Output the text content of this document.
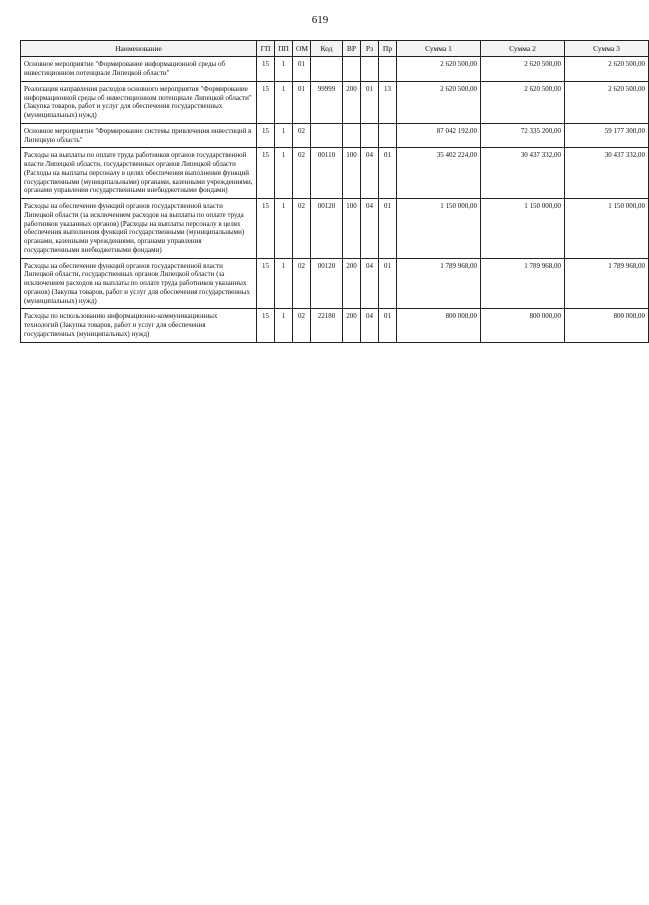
619
Наименование	ГП	ПП	ОМ	Код	ВР	Рз	Пр	Сумма 1	Сумма 2	Сумма 3
Основное мероприятие "Формирование информационной среды об инвестиционном потенциале Липецкой области"	15	1	01					2 620 500,00	2 620 500,00	2 620 500,00
Реализация направления расходов основного мероприятия "Формирование информационной среды об инвестиционном потенциале Липецкой области" (Закупка товаров, работ и услуг для обеспечения государственных (муниципальных) нужд)	15	1	01	99999	200	01	13	2 620 500,00	2 620 500,00	2 620 500,00
Основное мероприятие "Формирование системы привлечения инвестиций в Липецкую область"	15	1	02					87 042 192,00	72 335 200,00	59 177 300,00
Расходы на выплаты по оплате труда работников органов государственной власти Липецкой области, государственных органов Липецкой области (Расходы на выплаты персоналу в целях обеспечения выполнения функций государственными (муниципальными) органами, казенными учреждениями, органами управления государственными внебюджетными фондами)	15	1	02	00110	100	04	01	35 402 224,00	30 437 332,00	30 437 332,00
Расходы на обеспечение функций органов государственной власти Липецкой области (за исключением расходов на выплаты по оплате труда работников указанных органов) (Расходы на выплаты персоналу в целях обеспечения выполнения функций государственными (муниципальными) органами, казенными учреждениями, органами управления государственными внебюджетными фондами)	15	1	02	00120	100	04	01	1 150 000,00	1 150 000,00	1 150 000,00
Расходы на обеспечение функций органов государственной власти Липецкой области, государственных органов Липецкой области (за исключением расходов на выплаты по оплате труда работников указанных органов) (Закупка товаров, работ и услуг для обеспечения государственных (муниципальных) нужд)	15	1	02	00120	200	04	01	1 789 968,00	1 789 968,00	1 789 968,00
Расходы по использованию информационно-коммуникационных технологий (Закупка товаров, работ и услуг для обеспечения государственных (муниципальных) нужд)	15	1	02	22180	200	04	01	800 000,00	800 000,00	800 000,00
